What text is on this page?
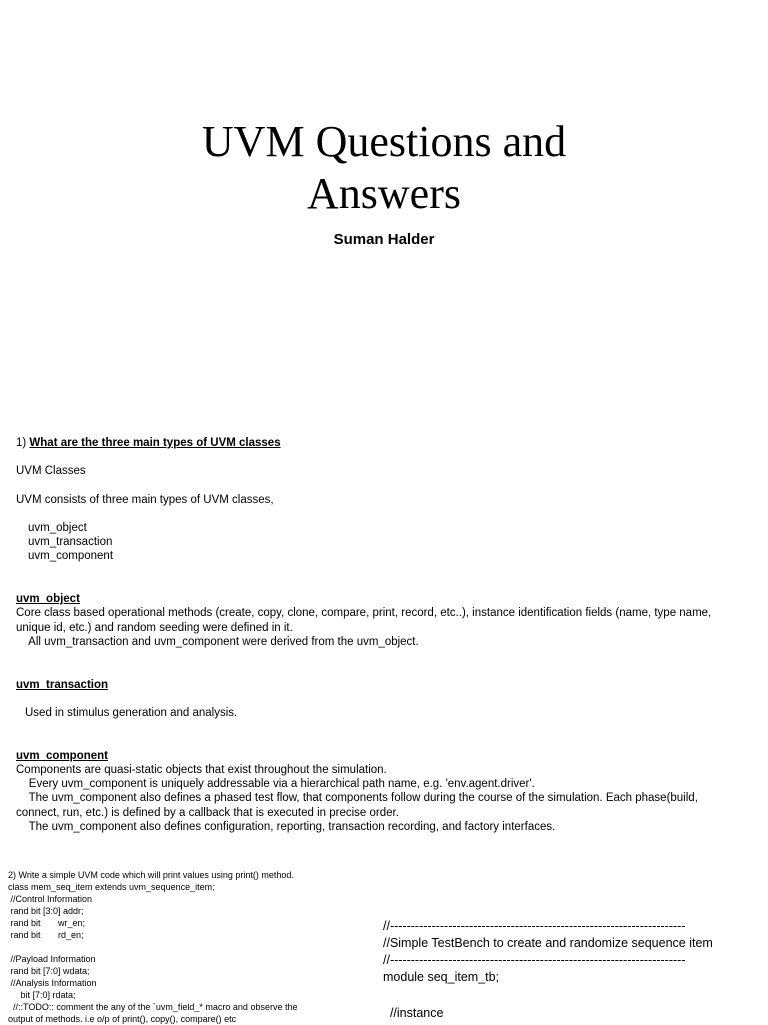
UVM Questions and
Answers
Suman Halder
1) What are the three main types of UVM classes
UVM Classes
UVM consists of three main types of UVM classes,
uvm_object
uvm_transaction
uvm_component
uvm_object
Core class based operational methods (create, copy, clone, compare, print, record, etc..), instance identification fields (name, type name,
unique id, etc.) and random seeding were defined in it.
All uvm_transaction and uvm_component were derived from the uvm_object.
uvm_transaction
Used in stimulus generation and analysis.
uvm_component
Components are quasi-static objects that exist throughout the simulation.
Every uvm_component is uniquely addressable via a hierarchical path name, e.g. 'env.agent.driver'.
The uvm_component also defines a phased test flow, that components follow during the course of the simulation. Each phase(build,
connect, run, etc.) is defined by a callback that is executed in precise order.
The uvm_component also defines configuration, reporting, transaction recording, and factory interfaces.
2) Write a simple UVM code which will print values using print() method.
class mem_seq_item extends uvm_sequence_item;
//Control Information
rand bit [3:0] addr;
rand bit       wr_en;
rand bit       rd_en;
//Payload Information
rand bit [7:0] wdata;
//Analysis Information
bit [7:0] rdata;
//::TODO:: comment the any of the `uvm_field_* macro and observe the
output of methods. i.e o/p of print(), copy(), compare() etc
//-----------------------------------------------------------------------
//Simple TestBench to create and randomize sequence item
//-----------------------------------------------------------------------
module seq_item_tb;
//instance
